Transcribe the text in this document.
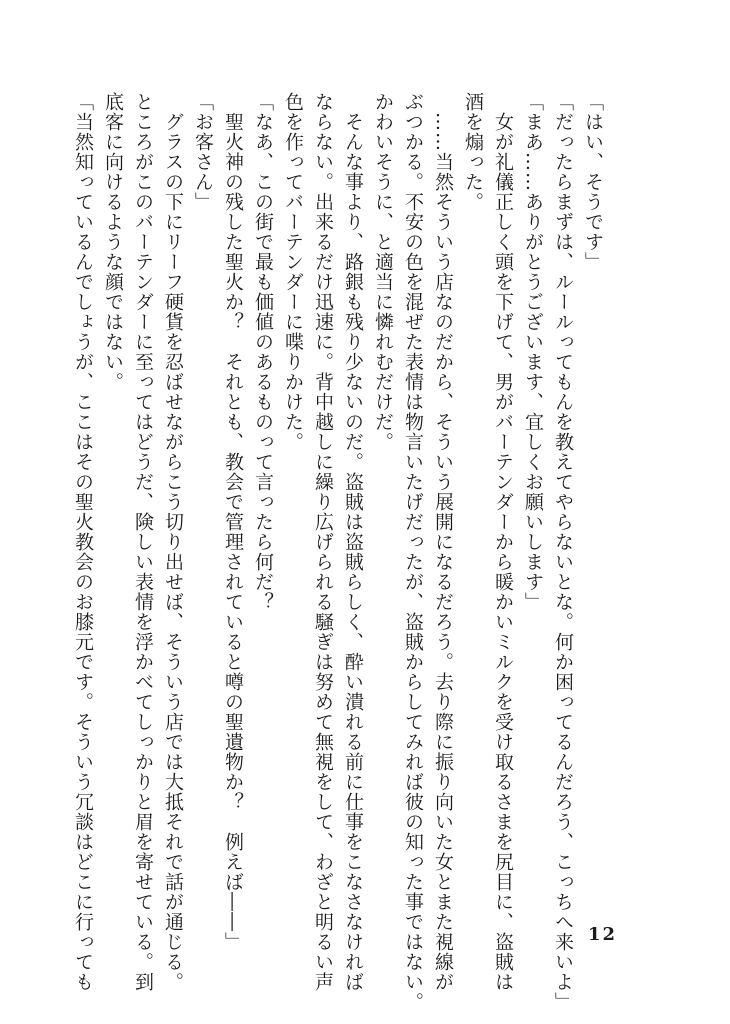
「はい、そうです」
「だったらまずは、ルールってもんを教えてやらないとな。何か困ってるんだろう、こっちへ来いよ」
「まあ……ありがとうございます、宜しくお願いします」
　女が礼儀正しく頭を下げて、男がバーテンダーから暖かいミルクを受け取るさまを尻目に、盗賊は
酒を煽った。
　……当然そういう店なのだから、そういう展開になるだろう。去り際に振り向いた女とまた視線が
ぶつかる。不安の色を混ぜた表情は物言いたげだったが、盗賊からしてみれば彼の知った事ではない。
かわいそうに、と適当に憐れむだけだ。
　そんな事より、路銀も残り少ないのだ。盗賊は盗賊らしく、酔い潰れる前に仕事をこなさなければ
ならない。出来るだけ迅速に。背中越しに繰り広げられる騒ぎは努めて無視をして、わざと明るい声
色を作ってバーテンダーに喋りかけた。
「なあ、この街で最も価値のあるものって言ったら何だ？
　聖火神の残した聖火か？　それとも、教会で管理されていると噂の聖遺物か？　例えば――」
「お客さん」
　グラスの下にリーフ硬貨を忍ばせながらこう切り出せば、そういう店では大抵それで話が通じる。
ところがこのバーテンダーに至ってはどうだ、険しい表情を浮かべてしっかりと眉を寄せている。到
底客に向けるような顔ではない。
「当然知っているんでしょうが、ここはその聖火教会のお膝元です。そういう冗談はどこに行っても	12
